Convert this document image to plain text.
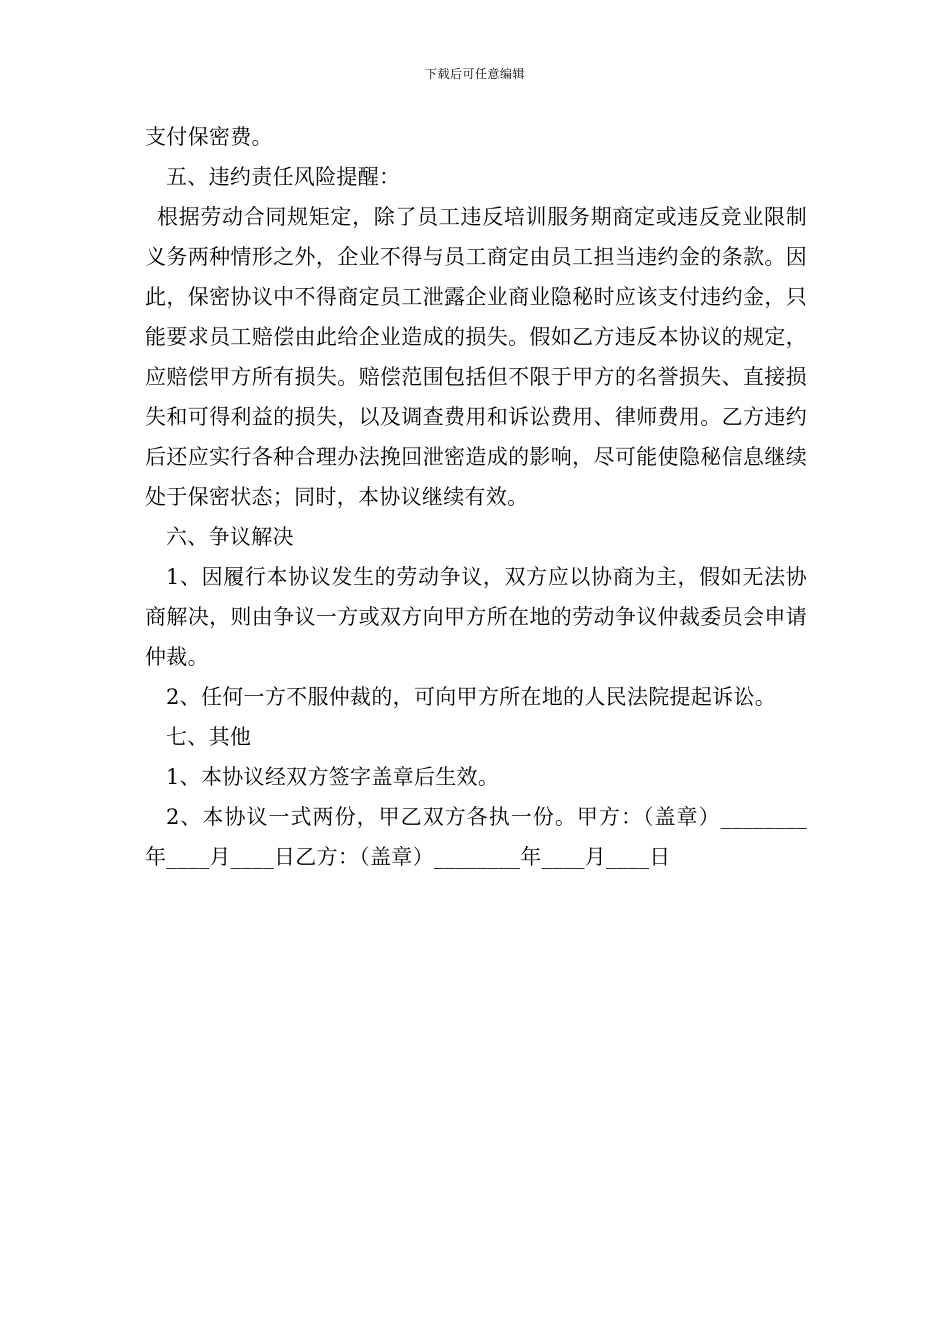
下载后可任意编辑

支付保密费。

五、违约责任风险提醒：

根据劳动合同规矩定，除了员工违反培训服务期商定或违反竞业限制义务两种情形之外，企业不得与员工商定由员工担当违约金的条款。因此，保密协议中不得商定员工泄露企业商业隐秘时应该支付违约金，只能要求员工赔偿由此给企业造成的损失。假如乙方违反本协议的规定，应赔偿甲方所有损失。赔偿范围包括但不限于甲方的名誉损失、直接损失和可得利益的损失，以及调查费用和诉讼费用、律师费用。乙方违约后还应实行各种合理办法挽回泄密造成的影响，尽可能使隐秘信息继续处于保密状态；同时，本协议继续有效。

六、争议解决

1、因履行本协议发生的劳动争议，双方应以协商为主，假如无法协商解决，则由争议一方或双方向甲方所在地的劳动争议仲裁委员会申请仲裁。

2、任何一方不服仲裁的，可向甲方所在地的人民法院提起诉讼。

七、其他

1、本协议经双方签字盖章后生效。

2、本协议一式两份，甲乙双方各执一份。甲方：（盖章）________年____月____日乙方：（盖章）________年____月____日
